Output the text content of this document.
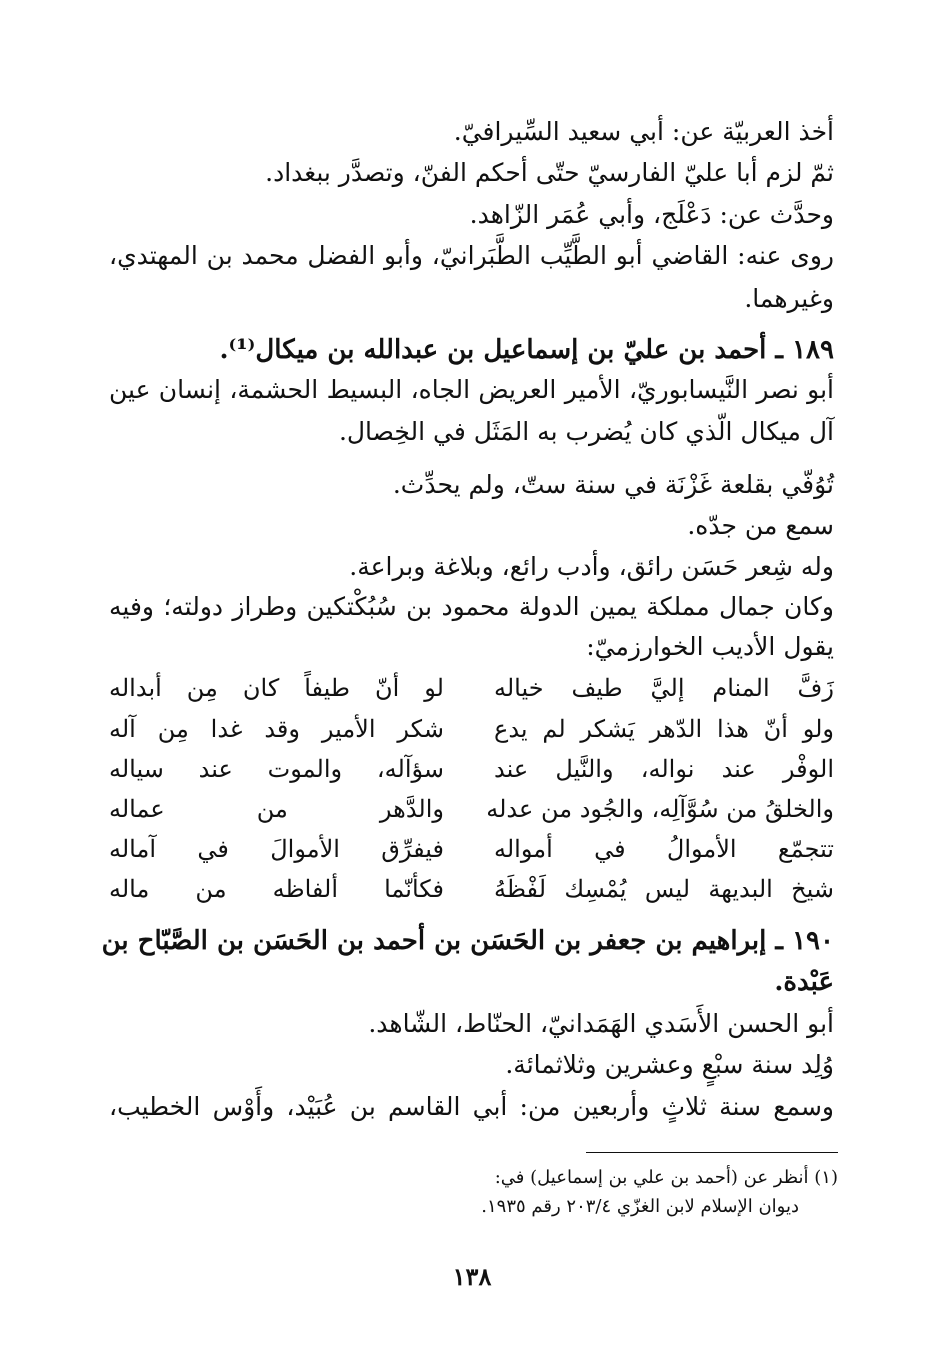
أخذ العربيّة عن: أبي سعيد السِّيرافيّ.
ثمّ لزم أبا عليّ الفارسيّ حتّى أحكم الفنّ، وتصدَّر ببغداد.
وحدَّث عن: دَعْلَج، وأبي عُمَر الزّاهد.
روى عنه: القاضي أبو الطَّيِّب الطَّبَرانيّ، وأبو الفضل محمد بن المهتدي،
وغيرهما.
١٨٩ ـ أحمد بن عليّ بن إسماعيل بن عبدالله بن ميكال⁽¹⁾.
أبو نصر النَّيسابوريّ، الأمير العريض الجاه، البسيط الحشمة، إنسان عين
آل ميكال الّذي كان يُضرب به المَثَل في الخِصال.
تُوُفّي بقلعة غَزْنَة في سنة ستّ، ولم يحدِّث.
سمع من جدّه.
وله شِعر حَسَن رائق، وأدب رائع، وبلاغة وبراعة.
وكان جمال مملكة يمين الدولة محمود بن سُبُكْتكين وطراز دولته؛ وفيه
يقول الأديب الخوارزميّ:
زَفَّ المنام إليَّ طيف خياله
لو أنّ طيفاً كان مِن أبداله
ولو أنّ هذا الدّهر يَشكر لم يدع
شكر الأمير وقد غدا مِن آله
الوفْر عند نواله، والنَّيل عند
سؤآله، والموت عند سياله
والخلقُ من سُوَّآلِه، والجُود من عدله
والدَّهر من عماله
تتجمّع الأموالُ في أمواله
فيفرِّق الأموالَ في آماله
شيخ البديهة ليس يُمْسِك لَفْظَهُ
فكأنّما ألفاظه من ماله
١٩٠ ـ إبراهيم بن جعفر بن الحَسَن بن أحمد بن الحَسَن بن الصَّبّاح بن
عَبْدة.
أبو الحسن الأَسَدي الهَمَدانيّ، الحنّاط، الشّاهد.
وُلِد سنة سبْعٍ وعشرين وثلاثمائة.
وسمع سنة ثلاثٍ وأربعين من: أبي القاسم بن عُبَيْد، وأَوْس الخطيب،
(١) أنظر عن (أحمد بن علي بن إسماعيل) في:
ديوان الإسلام لابن الغزّي ٢٠٣/٤ رقم ١٩٣٥.
١٣٨
